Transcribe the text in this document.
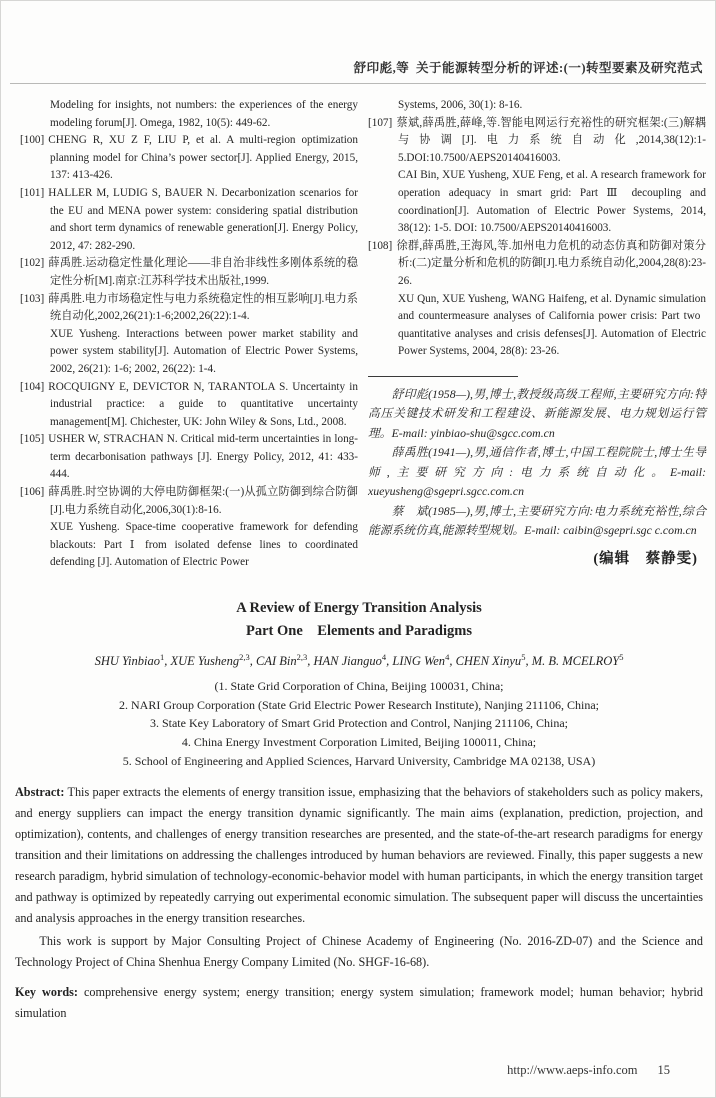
舒印彪,等 关于能源转型分析的评述:(一)转型要素及研究范式

Modeling for insights, not numbers: the experiences of the energy modeling forum[J]. Omega, 1982, 10(5): 449-62.

[100] CHENG R, XU Z F, LIU P, et al. A multi-region optimization planning model for China’s power sector[J]. Applied Energy, 2015, 137: 413-426.

[101] HALLER M, LUDIG S, BAUER N. Decarbonization scenarios for the EU and MENA power system: considering spatial distribution and short term dynamics of renewable generation[J]. Energy Policy, 2012, 47: 282-290.

[102] 薛禹胜.运动稳定性量化理论——非自治非线性多刚体系统的稳定性分析[M].南京:江苏科学技术出版社,1999.

[103] 薛禹胜.电力市场稳定性与电力系统稳定性的相互影响[J].电力系统自动化,2002,26(21):1-6;2002,26(22):1-4.

XUE Yusheng. Interactions between power market stability and power system stability[J]. Automation of Electric Power Systems, 2002, 26(21): 1-6; 2002, 26(22): 1-4.

[104] ROCQUIGNY E, DEVICTOR N, TARANTOLA S. Uncertainty in industrial practice: a guide to quantitative uncertainty management[M]. Chichester, UK: John Wiley & Sons, Ltd., 2008.

[105] USHER W, STRACHAN N. Critical mid-term uncertainties in long-term decarbonisation pathways [J]. Energy Policy, 2012, 41: 433-444.

[106] 薛禹胜.时空协调的大停电防御框架:(一)从孤立防御到综合防御[J].电力系统自动化,2006,30(1):8-16.

XUE Yusheng. Space-time cooperative framework for defending blackouts: Part Ⅰ from isolated defense lines to coordinated defending [J]. Automation of Electric Power

Systems, 2006, 30(1): 8-16.

[107] 蔡斌,薛禹胜,薛峰,等.智能电网运行充裕性的研究框架:(三)解耦与协调[J].电力系统自动化,2014,38(12):1-5.DOI:10.7500/AEPS20140416003.

CAI Bin, XUE Yusheng, XUE Feng, et al. A research framework for operation adequacy in smart grid: Part Ⅲ decoupling and coordination[J]. Automation of Electric Power Systems, 2014, 38(12): 1-5. DOI: 10.7500/AEPS20140416003.

[108] 徐群,薛禹胜,王海风,等.加州电力危机的动态仿真和防御对策分析:(二)定量分析和危机的防御[J].电力系统自动化,2004,28(8):23-26.

XU Qun, XUE Yusheng, WANG Haifeng, et al. Dynamic simulation and countermeasure analyses of California power crisis: Part two quantitative analyses and crisis defenses[J]. Automation of Electric Power Systems, 2004, 28(8): 23-26.

舒印彪(1958—),男,博士,教授级高级工程师,主要研究方向:特高压关键技术研发和工程建设、新能源发展、电力规划运行管理。E-mail: yinbiao-shu@sgcc.com.cn

薛禹胜(1941—),男,通信作者,博士,中国工程院院士,博士生导师,主要研究方向:电力系统自动化。E-mail: xueyusheng@sgepri.sgcc.com.cn

蔡　斌(1985—),男,博士,主要研究方向:电力系统充裕性,综合能源系统仿真,能源转型规划。E-mail: caibin@sgepri.sgc c.com.cn

(编辑　蔡静雯)
A Review of Energy Transition Analysis
Part One Elements and Paradigms
SHU Yinbiao$^1$, XUE Yusheng$^{2,3}$, CAI Bin$^{2,3}$, HAN Jianguo$^4$, LING Wen$^4$, CHEN Xinyu$^5$, M. B. MCELROY$^5$
(1. State Grid Corporation of China, Beijing 100031, China;
2. NARI Group Corporation (State Grid Electric Power Research Institute), Nanjing 211106, China;
3. State Key Laboratory of Smart Grid Protection and Control, Nanjing 211106, China;
4. China Energy Investment Corporation Limited, Beijing 100011, China;
5. School of Engineering and Applied Sciences, Harvard University, Cambridge MA 02138, USA)

Abstract: This paper extracts the elements of energy transition issue, emphasizing that the behaviors of stakeholders such as policy makers, and energy suppliers can impact the energy transition dynamic significantly. The main aims (explanation, prediction, projection, and optimization), contents, and challenges of energy transition researches are presented, and the state-of-the-art research paradigms for energy transition and their limitations on addressing the challenges introduced by human behaviors are reviewed. Finally, this paper suggests a new research paradigm, hybrid simulation of technology-economic-behavior model with human participants, in which the energy transition target and pathway is optimized by repeatedly carrying out experimental economic simulation. The subsequent paper will discuss the uncertainties and analysis approaches in the energy transition researches.

This work is support by Major Consulting Project of Chinese Academy of Engineering (No. 2016-ZD-07) and the Science and Technology Project of China Shenhua Energy Company Limited (No. SHGF-16-68).

Key words: comprehensive energy system; energy transition; energy system simulation; framework model; human behavior; hybrid simulation

http://www.aeps-info.com 15
